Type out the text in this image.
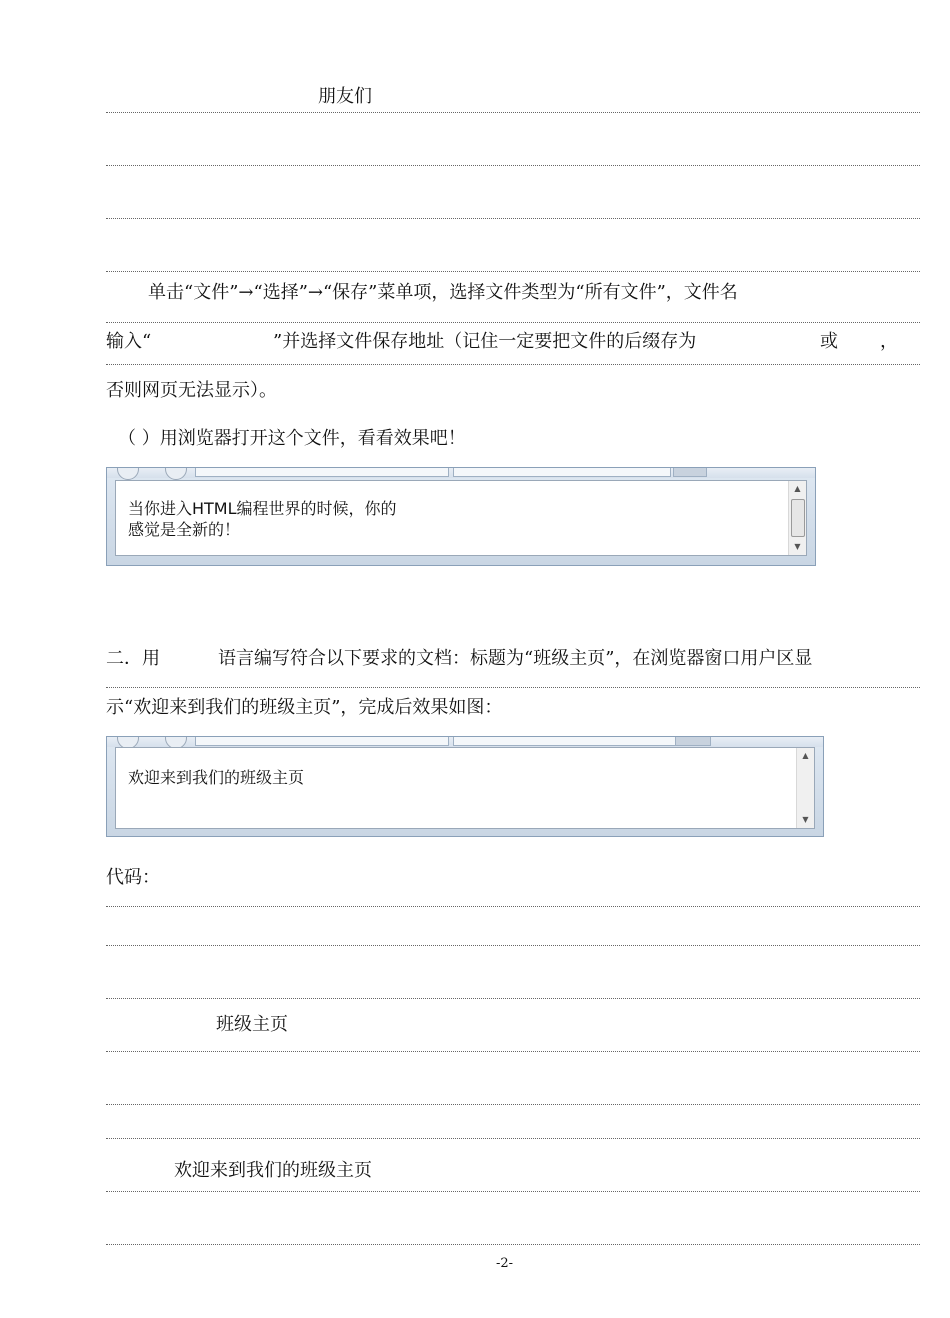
朋友们
单击“文件”→“选择”→“保存”菜单项，选择文件类型为“所有文件”，文件名
输入“	”并选择文件保存地址（记住一定要把文件的后缀存为	或 ，
否则网页无法显示）。
（ ）用浏览器打开这个文件，看看效果吧！
当你进入HTML编程世界的时候，你的
感觉是全新的！
▲
▼
二．用	语言编写符合以下要求的文档：标题为“班级主页”，在浏览器窗口用户区显
示“欢迎来到我们的班级主页”，完成后效果如图：
欢迎来到我们的班级主页
▲
▼
代码：
班级主页
欢迎来到我们的班级主页
-2-
